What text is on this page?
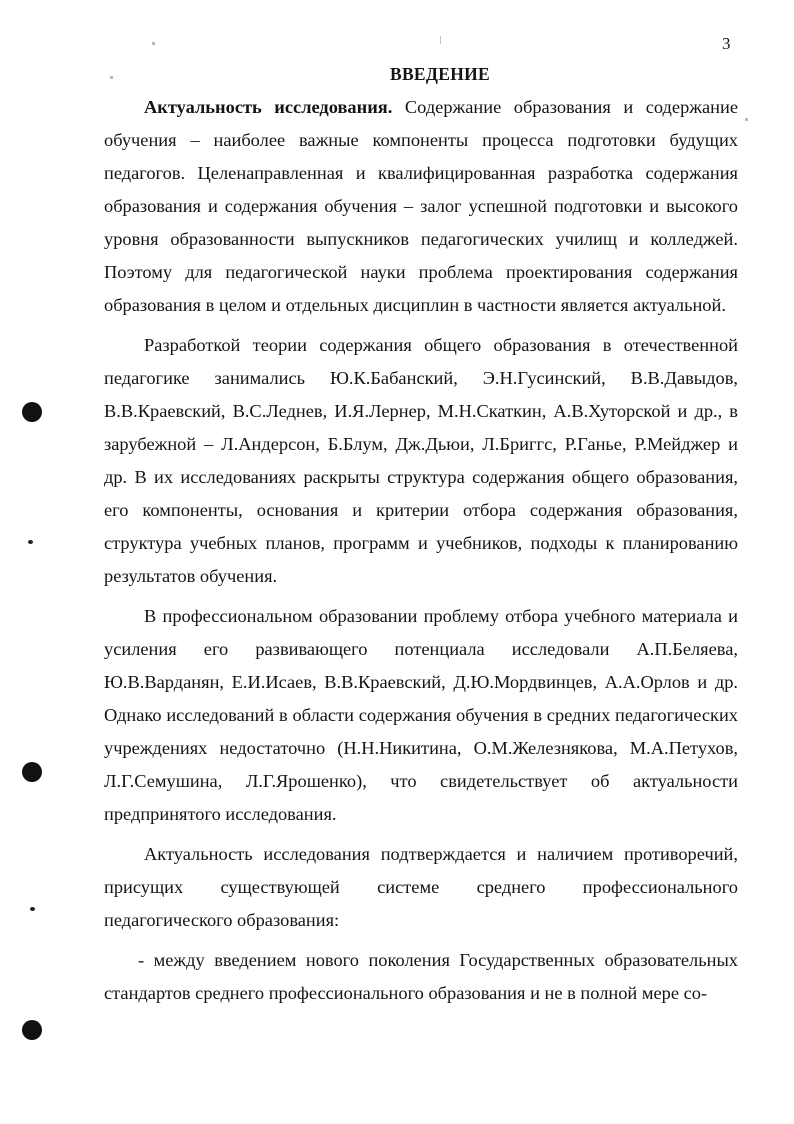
3
ВВЕДЕНИЕ

Актуальность исследования. Содержание образования и содержание обучения – наиболее важные компоненты процесса подготовки будущих педагогов. Целенаправленная и квалифицированная разработка содержания образования и содержания обучения – залог успешной подготовки и высокого уровня образованности выпускников педагогических училищ и колледжей. Поэтому для педагогической науки проблема проектирования содержания образования в целом и отдельных дисциплин в частности является актуальной.

Разработкой теории содержания общего образования в отечественной педагогике занимались Ю.К.Бабанский, Э.Н.Гусинский, В.В.Давыдов, В.В.Краевский, В.С.Леднев, И.Я.Лернер, М.Н.Скаткин, А.В.Хуторской и др., в зарубежной – Л.Андерсон, Б.Блум, Дж.Дьюи, Л.Бриггс, Р.Ганье, Р.Мейджер и др. В их исследованиях раскрыты структура содержания общего образования, его компоненты, основания и критерии отбора содержания образования, структура учебных планов, программ и учебников, подходы к планированию результатов обучения.

В профессиональном образовании проблему отбора учебного материала и усиления его развивающего потенциала исследовали А.П.Беляева, Ю.В.Варданян, Е.И.Исаев, В.В.Краевский, Д.Ю.Мордвинцев, А.А.Орлов и др. Однако исследований в области содержания обучения в средних педагогических учреждениях недостаточно (Н.Н.Никитина, О.М.Железнякова, М.А.Петухов, Л.Г.Семушина, Л.Г.Ярошенко), что свидетельствует об актуальности предпринятого исследования.

Актуальность исследования подтверждается и наличием противоречий, присущих существующей системе среднего профессионального педагогического образования:

- между введением нового поколения Государственных образовательных стандартов среднего профессионального образования и не в полной мере со-
